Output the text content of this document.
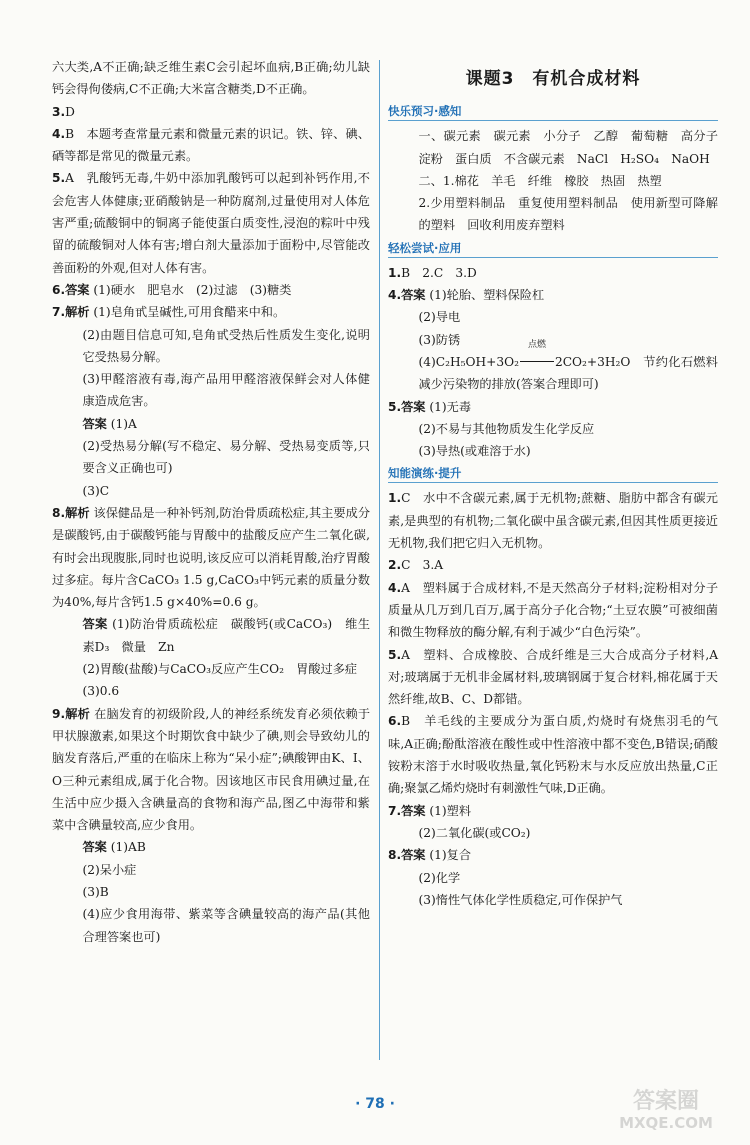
六大类,A不正确;缺乏维生素C会引起坏血病,B正确;幼儿缺钙会得佝偻病,C不正确;大米富含糖类,D不正确。

3.D

4.B　本题考查常量元素和微量元素的识记。铁、锌、碘、硒等都是常见的微量元素。

5.A　乳酸钙无毒,牛奶中添加乳酸钙可以起到补钙作用,不会危害人体健康;亚硝酸钠是一种防腐剂,过量使用对人体危害严重;硫酸铜中的铜离子能使蛋白质变性,浸泡的粽叶中残留的硫酸铜对人体有害;增白剂大量添加于面粉中,尽管能改善面粉的外观,但对人体有害。

6.答案 (1)硬水　肥皂水　(2)过滤　(3)糖类

7.解析 (1)皂角甙呈碱性,可用食醋来中和。

(2)由题目信息可知,皂角甙受热后性质发生变化,说明它受热易分解。

(3)甲醛溶液有毒,海产品用甲醛溶液保鲜会对人体健康造成危害。

答案 (1)A

(2)受热易分解(写不稳定、易分解、受热易变质等,只要含义正确也可)

(3)C

8.解析 该保健品是一种补钙剂,防治骨质疏松症,其主要成分是碳酸钙,由于碳酸钙能与胃酸中的盐酸反应产生二氧化碳,有时会出现腹胀,同时也说明,该反应可以消耗胃酸,治疗胃酸过多症。每片含CaCO₃ 1.5 g,CaCO₃中钙元素的质量分数为40%,每片含钙1.5 g×40%=0.6 g。

答案 (1)防治骨质疏松症　碳酸钙(或CaCO₃)　维生素D₃　微量　Zn

(2)胃酸(盐酸)与CaCO₃反应产生CO₂　胃酸过多症

(3)0.6

9.解析 在脑发育的初级阶段,人的神经系统发育必须依赖于甲状腺激素,如果这个时期饮食中缺少了碘,则会导致幼儿的脑发育落后,严重的在临床上称为“呆小症”;碘酸钾由K、I、O三种元素组成,属于化合物。因该地区市民食用碘过量,在生活中应少摄入含碘量高的食物和海产品,图乙中海带和紫菜中含碘量较高,应少食用。

答案 (1)AB

(2)呆小症

(3)B

(4)应少食用海带、紫菜等含碘量较高的海产品(其他合理答案也可)

课题3　有机合成材料
快乐预习·感知

一、碳元素　碳元素　小分子　乙醇　葡萄糖　高分子　淀粉　蛋白质　不含碳元素　NaCl　H₂SO₄　NaOH

二、1.棉花　羊毛　纤维　橡胶　热固　热塑

2.少用塑料制品　重复使用塑料制品　使用新型可降解的塑料　回收利用废弃塑料

轻松尝试·应用

1.B　2.C　3.D

4.答案 (1)轮胎、塑料保险杠

(2)导电

(3)防锈

(4)C₂H₅OH+3O₂
点燃
2CO₂+3H₂O　节约化石燃料　减少污染物的排放(答案合理即可)

5.答案 (1)无毒

(2)不易与其他物质发生化学反应

(3)导热(或难溶于水)

知能演练·提升

1.C　水中不含碳元素,属于无机物;蔗糖、脂肪中都含有碳元素,是典型的有机物;二氧化碳中虽含碳元素,但因其性质更接近无机物,我们把它归入无机物。

2.C　3.A

4.A　塑料属于合成材料,不是天然高分子材料;淀粉相对分子质量从几万到几百万,属于高分子化合物;“土豆农膜”可被细菌和微生物释放的酶分解,有利于减少“白色污染”。

5.A　塑料、合成橡胶、合成纤维是三大合成高分子材料,A对;玻璃属于无机非金属材料,玻璃钢属于复合材料,棉花属于天然纤维,故B、C、D都错。

6.B　羊毛线的主要成分为蛋白质,灼烧时有烧焦羽毛的气味,A正确;酚酞溶液在酸性或中性溶液中都不变色,B错误;硝酸铵粉末溶于水时吸收热量,氧化钙粉末与水反应放出热量,C正确;聚氯乙烯灼烧时有刺激性气味,D正确。

7.答案 (1)塑料

(2)二氧化碳(或CO₂)

8.答案 (1)复合

(2)化学

(3)惰性气体化学性质稳定,可作保护气

· 78 ·	答案圈
MXQE.COM
